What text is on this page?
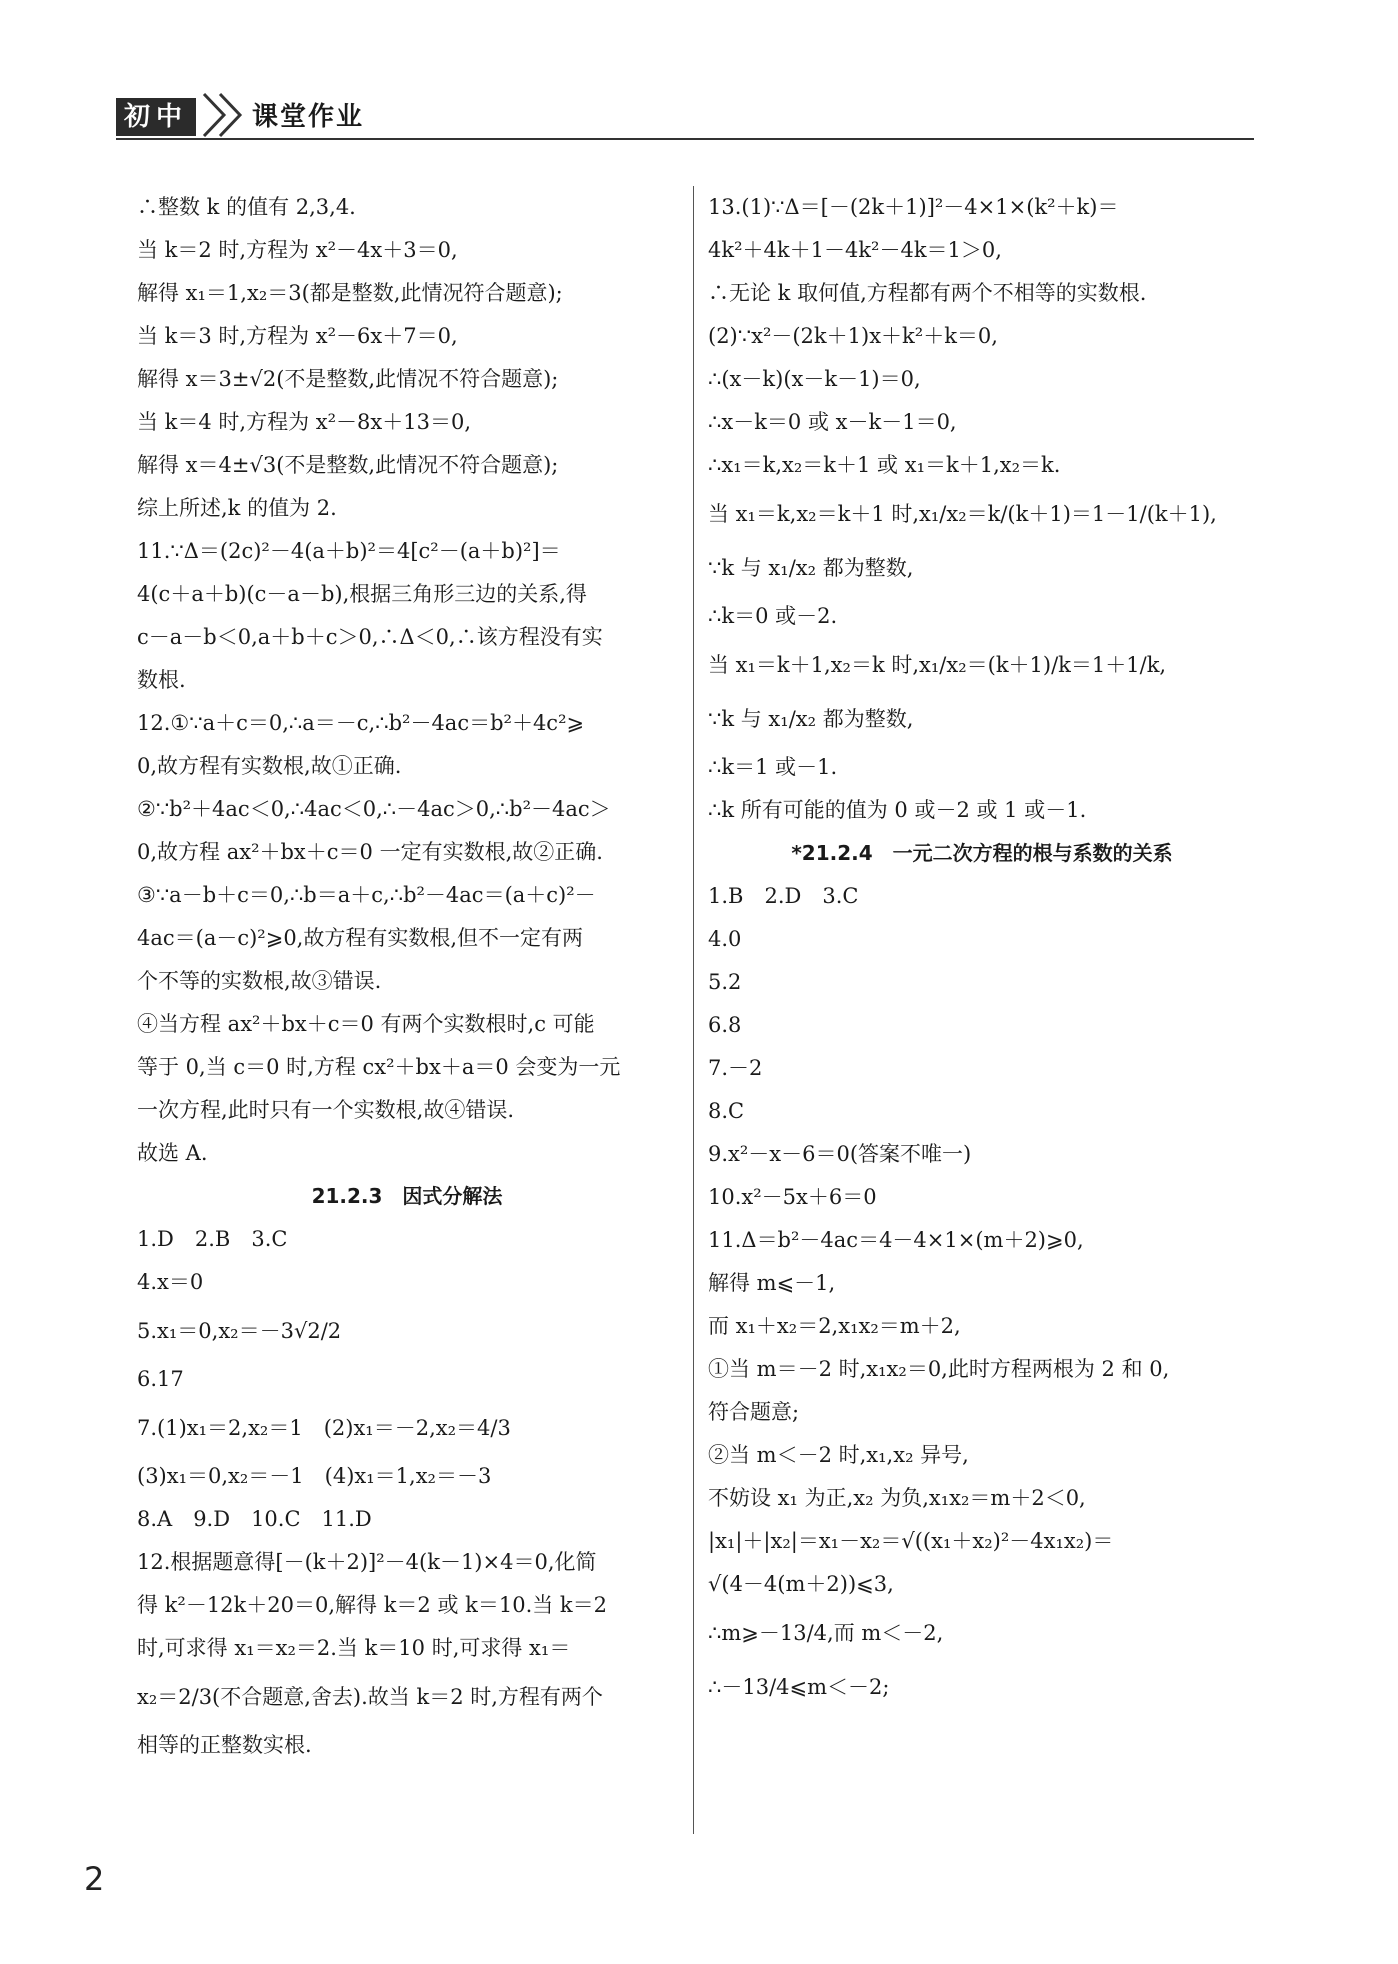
初中	课堂作业
∴整数 k 的值有 2,3,4.
当 k＝2 时,方程为 x²－4x＋3＝0,
解得 x₁＝1,x₂＝3(都是整数,此情况符合题意);
当 k＝3 时,方程为 x²－6x＋7＝0,
解得 x＝3±√2(不是整数,此情况不符合题意);
当 k＝4 时,方程为 x²－8x＋13＝0,
解得 x＝4±√3(不是整数,此情况不符合题意);
综上所述,k 的值为 2.
11.∵Δ＝(2c)²－4(a＋b)²＝4[c²－(a＋b)²]＝
4(c＋a＋b)(c－a－b),根据三角形三边的关系,得
c－a－b＜0,a＋b＋c＞0,∴Δ＜0,∴该方程没有实
数根.
12.①∵a＋c＝0,∴a＝－c,∴b²－4ac＝b²＋4c²⩾
0,故方程有实数根,故①正确.
②∵b²＋4ac＜0,∴4ac＜0,∴－4ac＞0,∴b²－4ac＞
0,故方程 ax²＋bx＋c＝0 一定有实数根,故②正确.
③∵a－b＋c＝0,∴b＝a＋c,∴b²－4ac＝(a＋c)²－
4ac＝(a－c)²⩾0,故方程有实数根,但不一定有两
个不等的实数根,故③错误.
④当方程 ax²＋bx＋c＝0 有两个实数根时,c 可能
等于 0,当 c＝0 时,方程 cx²＋bx＋a＝0 会变为一元
一次方程,此时只有一个实数根,故④错误.
故选 A.
21.2.3　因式分解法
1.D　2.B　3.C
4.x＝0
5.x₁＝0,x₂＝－3√2/2
6.17
7.(1)x₁＝2,x₂＝1　(2)x₁＝－2,x₂＝4/3
(3)x₁＝0,x₂＝－1　(4)x₁＝1,x₂＝－3
8.A　9.D　10.C　11.D
12.根据题意得[－(k＋2)]²－4(k－1)×4＝0,化简
得 k²－12k＋20＝0,解得 k＝2 或 k＝10.当 k＝2
时,可求得 x₁＝x₂＝2.当 k＝10 时,可求得 x₁＝
x₂＝2/3(不合题意,舍去).故当 k＝2 时,方程有两个
相等的正整数实根.
13.(1)∵Δ＝[－(2k＋1)]²－4×1×(k²＋k)＝
4k²＋4k＋1－4k²－4k＝1＞0,
∴无论 k 取何值,方程都有两个不相等的实数根.
(2)∵x²－(2k＋1)x＋k²＋k＝0,
∴(x－k)(x－k－1)＝0,
∴x－k＝0 或 x－k－1＝0,
∴x₁＝k,x₂＝k＋1 或 x₁＝k＋1,x₂＝k.
当 x₁＝k,x₂＝k＋1 时,x₁/x₂＝k/(k＋1)＝1－1/(k＋1),
∵k 与 x₁/x₂ 都为整数,
∴k＝0 或－2.
当 x₁＝k＋1,x₂＝k 时,x₁/x₂＝(k＋1)/k＝1＋1/k,
∵k 与 x₁/x₂ 都为整数,
∴k＝1 或－1.
∴k 所有可能的值为 0 或－2 或 1 或－1.
*21.2.4　一元二次方程的根与系数的关系
1.B　2.D　3.C
4.0
5.2
6.8
7.－2
8.C
9.x²－x－6＝0(答案不唯一)
10.x²－5x＋6＝0
11.Δ＝b²－4ac＝4－4×1×(m＋2)⩾0,
解得 m⩽－1,
而 x₁＋x₂＝2,x₁x₂＝m＋2,
①当 m＝－2 时,x₁x₂＝0,此时方程两根为 2 和 0,
符合题意;
②当 m＜－2 时,x₁,x₂ 异号,
不妨设 x₁ 为正,x₂ 为负,x₁x₂＝m＋2＜0,
|x₁|＋|x₂|＝x₁－x₂＝√((x₁＋x₂)²－4x₁x₂)＝
√(4－4(m＋2))⩽3,
∴m⩾－13/4,而 m＜－2,
∴－13/4⩽m＜－2;
2
